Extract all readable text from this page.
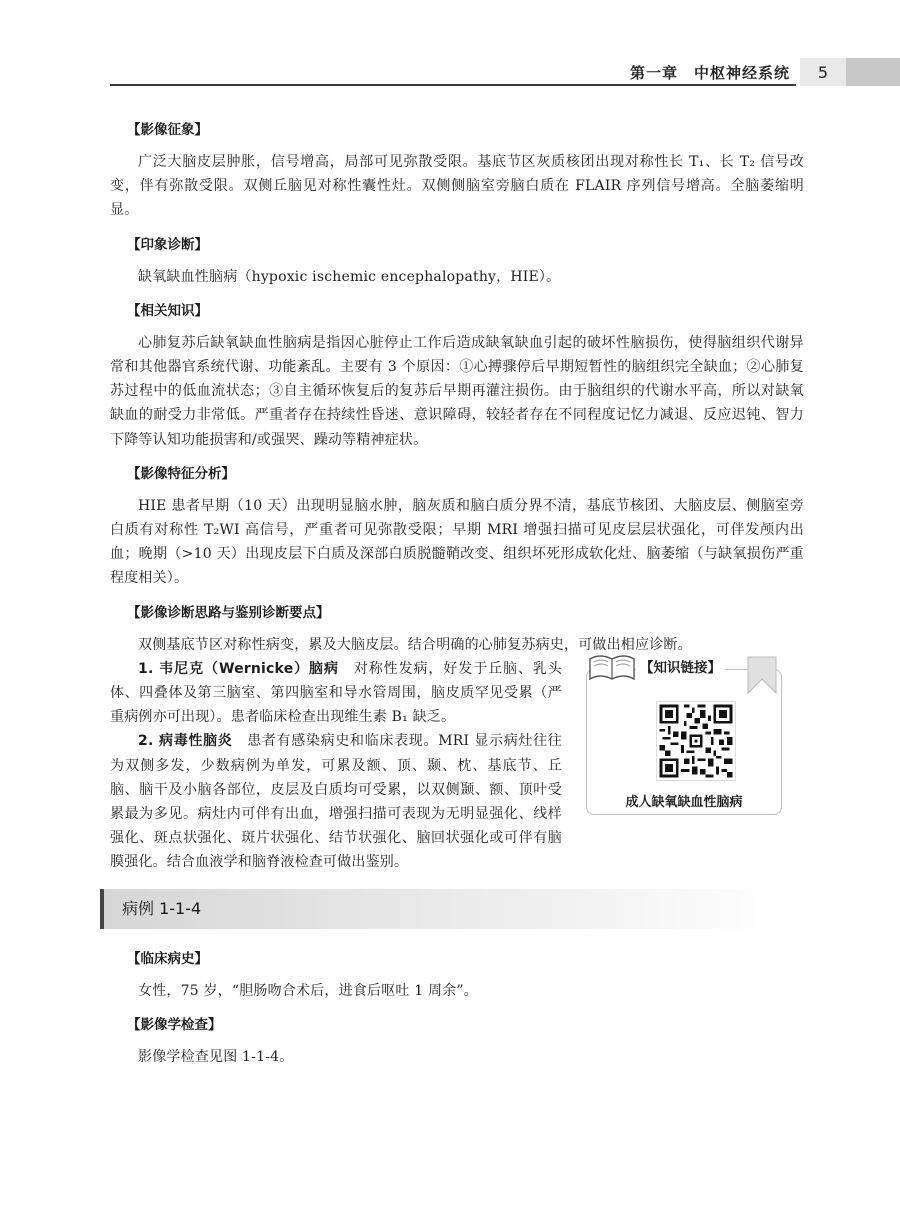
第一章　中枢神经系统	5
【影像征象】

广泛大脑皮层肿胀，信号增高，局部可见弥散受限。基底节区灰质核团出现对称性长 T₁、长 T₂ 信号改变，伴有弥散受限。双侧丘脑见对称性囊性灶。双侧侧脑室旁脑白质在 FLAIR 序列信号增高。全脑萎缩明显。

【印象诊断】

缺氧缺血性脑病（hypoxic ischemic encephalopathy，HIE）。

【相关知识】

心肺复苏后缺氧缺血性脑病是指因心脏停止工作后造成缺氧缺血引起的破坏性脑损伤，使得脑组织代谢异常和其他器官系统代谢、功能紊乱。主要有 3 个原因：①心搏骤停后早期短暂性的脑组织完全缺血；②心肺复苏过程中的低血流状态；③自主循环恢复后的复苏后早期再灌注损伤。由于脑组织的代谢水平高，所以对缺氧缺血的耐受力非常低。严重者存在持续性昏迷、意识障碍，较轻者存在不同程度记忆力减退、反应迟钝、智力下降等认知功能损害和/或强哭、躁动等精神症状。

【影像特征分析】

HIE 患者早期（10 天）出现明显脑水肿，脑灰质和脑白质分界不清，基底节核团、大脑皮层、侧脑室旁白质有对称性 T₂WI 高信号，严重者可见弥散受限；早期 MRI 增强扫描可见皮层层状强化，可伴发颅内出血；晚期（>10 天）出现皮层下白质及深部白质脱髓鞘改变、组织坏死形成软化灶、脑萎缩（与缺氧损伤严重程度相关）。

【影像诊断思路与鉴别诊断要点】

双侧基底节区对称性病变，累及大脑皮层。结合明确的心肺复苏病史，可做出相应诊断。

1. 韦尼克（Wernicke）脑病　对称性发病，好发于丘脑、乳头体、四叠体及第三脑室、第四脑室和导水管周围，脑皮质罕见受累（严重病例亦可出现）。患者临床检查出现维生素 B₁ 缺乏。

2. 病毒性脑炎　患者有感染病史和临床表现。MRI 显示病灶往往为双侧多发，少数病例为单发，可累及额、顶、颞、枕、基底节、丘脑、脑干及小脑各部位，皮层及白质均可受累，以双侧颞、额、顶叶受累最为多见。病灶内可伴有出血，增强扫描可表现为无明显强化、线样强化、斑点状强化、斑片状强化、结节状强化、脑回状强化或可伴有脑膜强化。结合血液学和脑脊液检查可做出鉴别。

【知识链接】
成人缺氧缺血性脑病
病例 1-1-4
【临床病史】

女性，75 岁，“胆肠吻合术后，进食后呕吐 1 周余”。

【影像学检查】

影像学检查见图 1-1-4。
